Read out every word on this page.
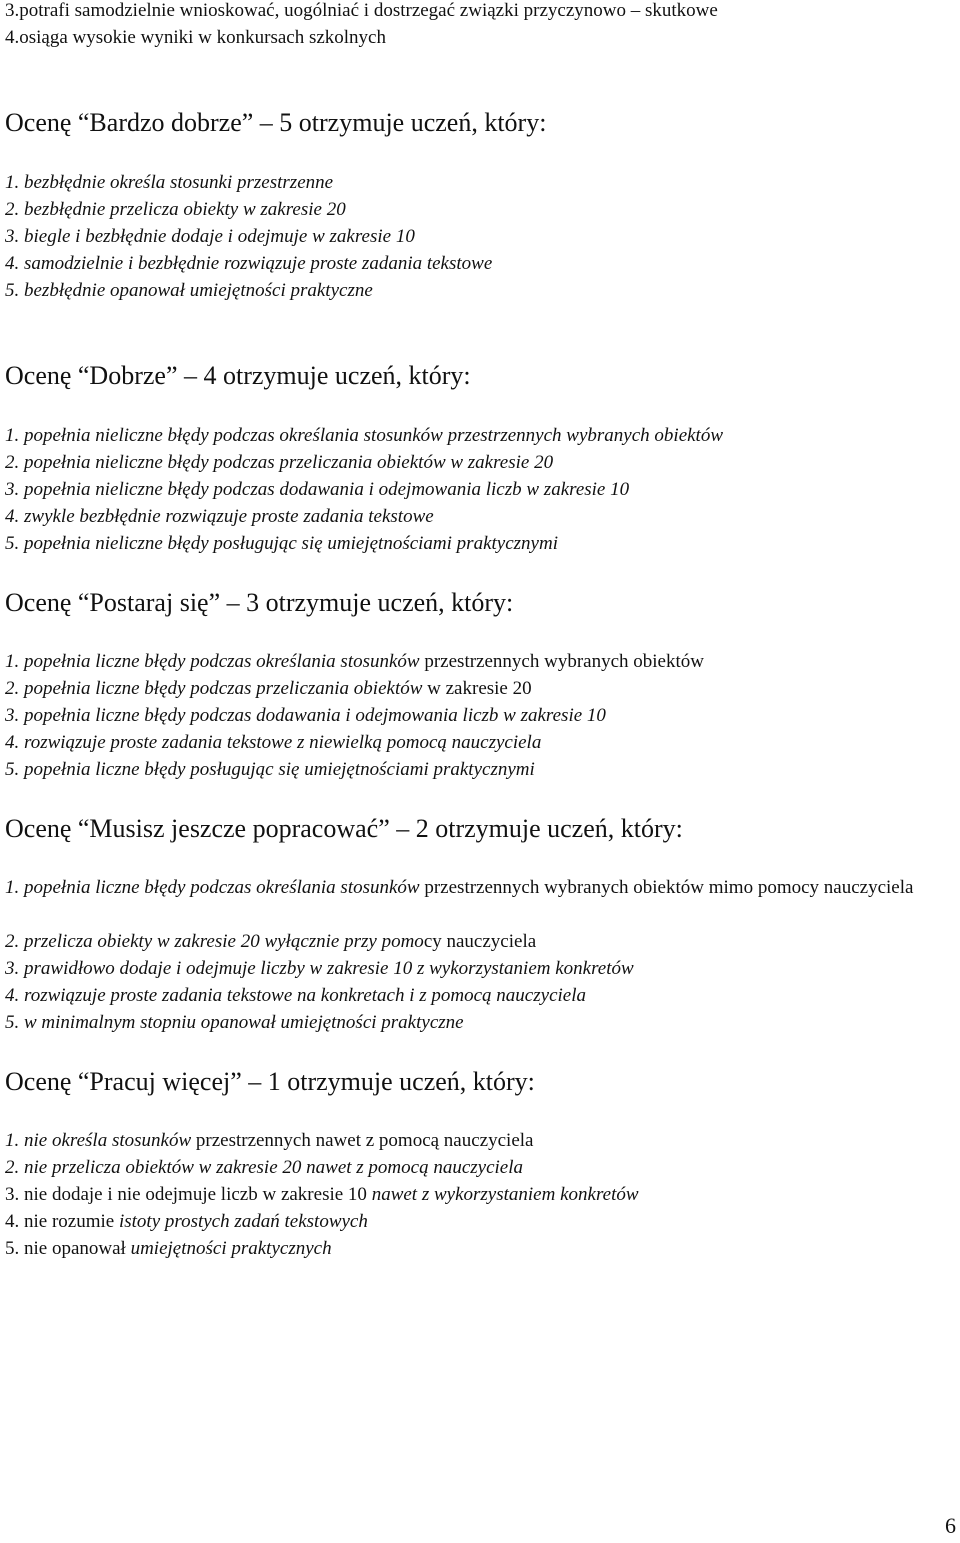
3.potrafi samodzielnie wnioskować, uogólniać i dostrzegać związki przyczynowo – skutkowe
4.osiąga wysokie wyniki w konkursach szkolnych
Ocenę “Bardzo dobrze” – 5 otrzymuje uczeń, który:
1. bezbłędnie określa stosunki przestrzenne
2. bezbłędnie przelicza obiekty w zakresie 20
3. biegle i bezbłędnie dodaje i odejmuje w zakresie 10
4. samodzielnie i bezbłędnie rozwiązuje proste zadania tekstowe
5. bezbłędnie opanował umiejętności praktyczne
Ocenę “Dobrze” – 4 otrzymuje uczeń, który:
1. popełnia nieliczne błędy podczas określania stosunków przestrzennych wybranych obiektów
2. popełnia nieliczne błędy podczas przeliczania obiektów w zakresie 20
3. popełnia nieliczne błędy podczas dodawania i odejmowania liczb w zakresie 10
4. zwykle bezbłędnie rozwiązuje proste zadania tekstowe
5. popełnia nieliczne błędy posługując się umiejętnościami praktycznymi
Ocenę “Postaraj się” – 3 otrzymuje uczeń, który:
1. popełnia liczne błędy podczas określania stosunków przestrzennych wybranych obiektów
2. popełnia liczne błędy podczas przeliczania obiektów w zakresie 20
3. popełnia liczne błędy podczas dodawania i odejmowania liczb w zakresie 10
4. rozwiązuje proste zadania tekstowe z niewielką pomocą nauczyciela
5. popełnia liczne błędy posługując się umiejętnościami praktycznymi
Ocenę “Musisz jeszcze popracować” – 2 otrzymuje uczeń, który:
1. popełnia liczne błędy podczas określania stosunków przestrzennych wybranych obiektów mimo pomocy nauczyciela
2. przelicza obiekty w zakresie 20 wyłącznie przy pomocy nauczyciela
3. prawidłowo dodaje i odejmuje liczby w zakresie 10 z wykorzystaniem konkretów
4. rozwiązuje proste zadania tekstowe na konkretach i z pomocą nauczyciela
5. w minimalnym stopniu opanował umiejętności praktyczne
Ocenę “Pracuj więcej” – 1 otrzymuje uczeń, który:
1. nie określa stosunków przestrzennych nawet z pomocą nauczyciela
2. nie przelicza obiektów w zakresie 20 nawet z pomocą nauczyciela
3. nie dodaje i nie odejmuje liczb w zakresie 10 nawet z wykorzystaniem konkretów
4. nie rozumie istoty prostych zadań tekstowych
5. nie opanował umiejętności praktycznych
6
